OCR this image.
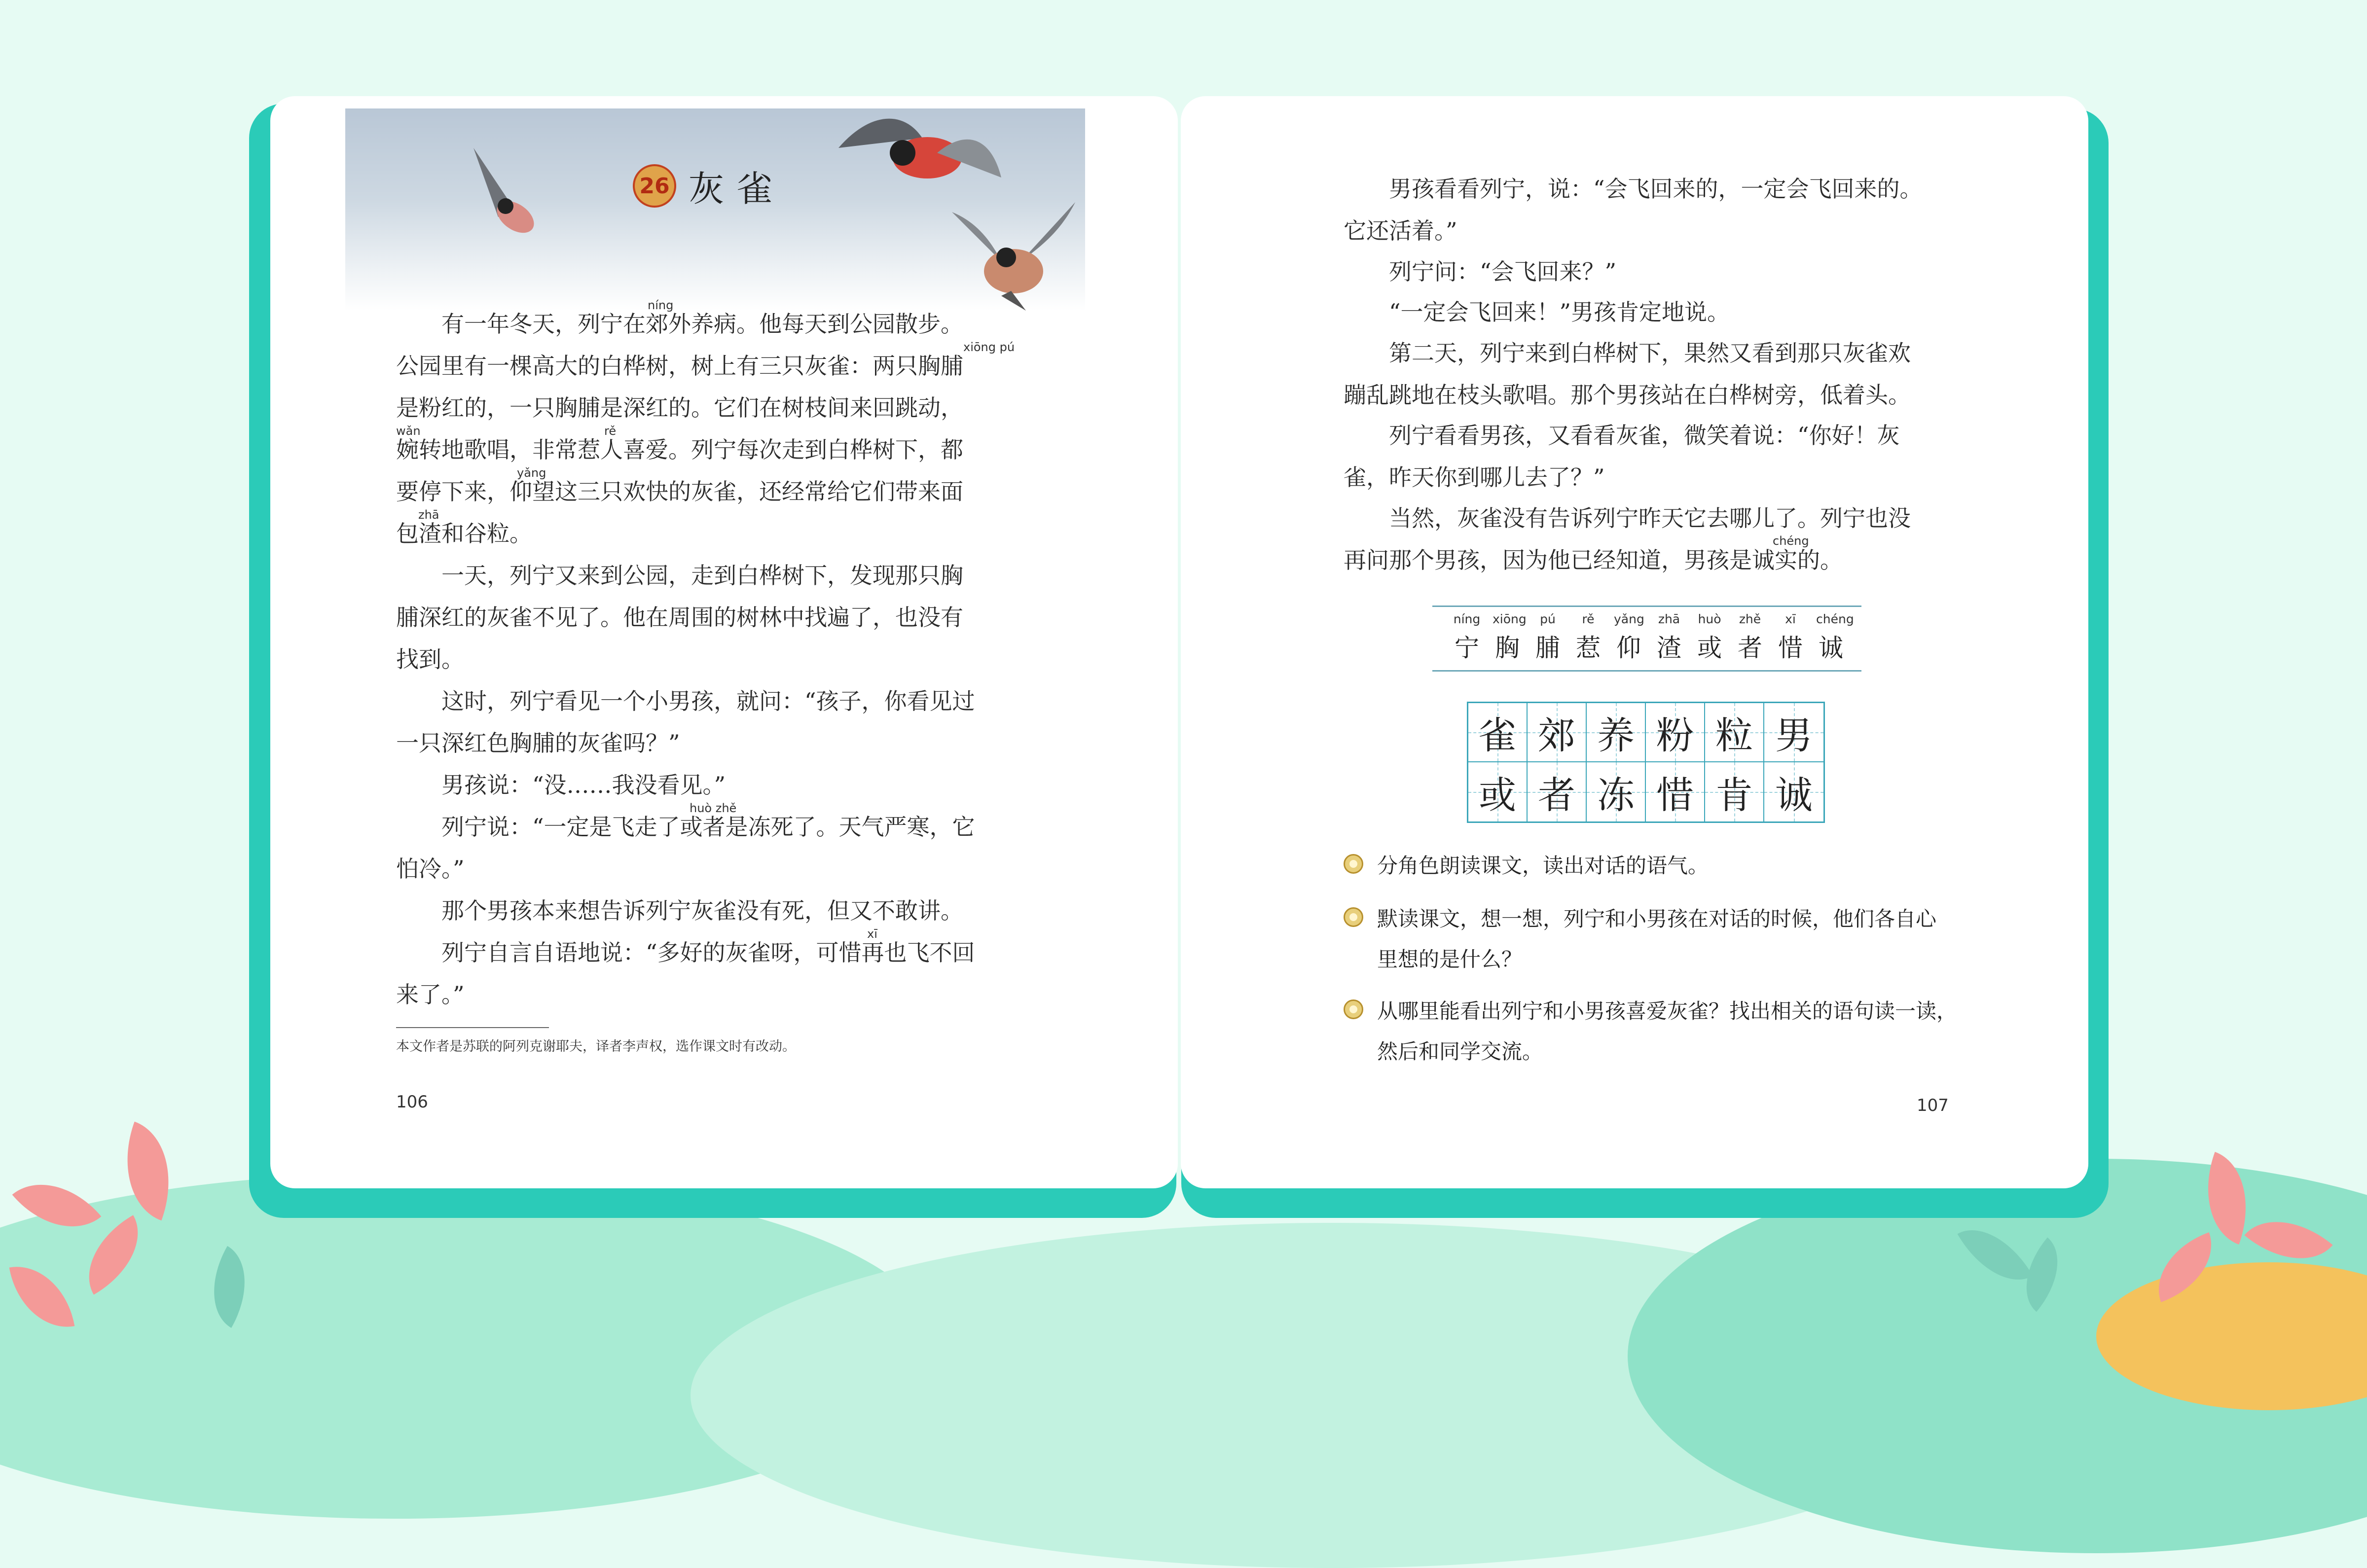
26 灰雀
　　有一年冬天，列宁在郊外养病。他每天到公园散步。
公园里有一棵高大的白桦树，树上有三只灰雀：两只胸脯
是粉红的，一只胸脯是深红的。它们在树枝间来回跳动，
婉转地歌唱，非常惹人喜爱。列宁每次走到白桦树下，都
要停下来，仰望这三只欢快的灰雀，还经常给它们带来面
包渣和谷粒。
　　一天，列宁又来到公园，走到白桦树下，发现那只胸
脯深红的灰雀不见了。他在周围的树林中找遍了，也没有
找到。
　　这时，列宁看见一个小男孩，就问：“孩子，你看见过
一只深红色胸脯的灰雀吗？”
　　男孩说：“没……我没看见。”
　　列宁说：“一定是飞走了或者是冻死了。天气严寒，它
怕冷。”
　　那个男孩本来想告诉列宁灰雀没有死，但又不敢讲。
　　列宁自言自语地说：“多好的灰雀呀，可惜再也飞不回
来了。”
níng
xiōng pú
wǎn	rě
yǎng
zhā
huò zhě
xī
本文作者是苏联的阿列克谢耶夫，译者李声权，选作课文时有改动。
106
　　男孩看看列宁，说：“会飞回来的，一定会飞回来的。
它还活着。”
　　列宁问：“会飞回来？”
　　“一定会飞回来！”男孩肯定地说。
　　第二天，列宁来到白桦树下，果然又看到那只灰雀欢
蹦乱跳地在枝头歌唱。那个男孩站在白桦树旁，低着头。
　　列宁看看男孩，又看看灰雀，微笑着说：“你好！灰
雀，昨天你到哪儿去了？”
　　当然，灰雀没有告诉列宁昨天它去哪儿了。列宁也没
再问那个男孩，因为他已经知道，男孩是诚实的。
chéng
níng
宁
xiōng
胸
pú
脯
rě
惹
yǎng
仰
zhā
渣
huò
或
zhě
者
xī
惜
chéng
诚
雀 郊 养 粉 粒 男
或 者 冻 惜 肯 诚
分角色朗读课文，读出对话的语气。
默读课文，想一想，列宁和小男孩在对话的时候，他们各自心
里想的是什么？
从哪里能看出列宁和小男孩喜爱灰雀？找出相关的语句读一读，
然后和同学交流。
107
